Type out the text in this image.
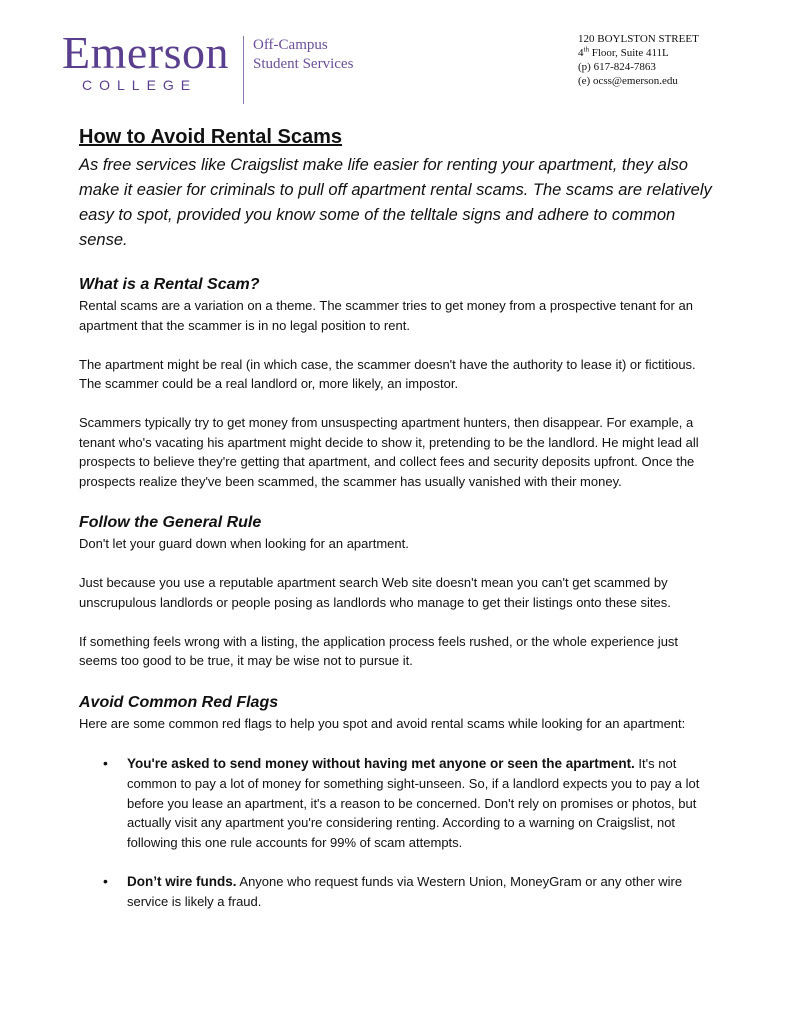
Emerson
COLLEGE
Off-Campus
Student Services
120 BOYLSTON STREET
4th Floor, Suite 411L
(p) 617-824-7863
(e) ocss@emerson.edu
How to Avoid Rental Scams

As free services like Craigslist make life easier for renting your apartment, they also make it easier for criminals to pull off apartment rental scams. The scams are relatively easy to spot, provided you know some of the telltale signs and adhere to common sense.

What is a Rental Scam?

Rental scams are a variation on a theme. The scammer tries to get money from a prospective tenant for an apartment that the scammer is in no legal position to rent.

The apartment might be real (in which case, the scammer doesn't have the authority to lease it) or fictitious. The scammer could be a real landlord or, more likely, an impostor.

Scammers typically try to get money from unsuspecting apartment hunters, then disappear. For example, a tenant who's vacating his apartment might decide to show it, pretending to be the landlord. He might lead all prospects to believe they're getting that apartment, and collect fees and security deposits upfront. Once the prospects realize they've been scammed, the scammer has usually vanished with their money.

Follow the General Rule

Don't let your guard down when looking for an apartment.

Just because you use a reputable apartment search Web site doesn't mean you can't get scammed by unscrupulous landlords or people posing as landlords who manage to get their listings onto these sites.

If something feels wrong with a listing, the application process feels rushed, or the whole experience just seems too good to be true, it may be wise not to pursue it.

Avoid Common Red Flags

Here are some common red flags to help you spot and avoid rental scams while looking for an apartment:

• You're asked to send money without having met anyone or seen the apartment. It's not common to pay a lot of money for something sight-unseen. So, if a landlord expects you to pay a lot before you lease an apartment, it's a reason to be concerned. Don't rely on promises or photos, but actually visit any apartment you're considering renting. According to a warning on Craigslist, not following this one rule accounts for 99% of scam attempts.
• Don’t wire funds. Anyone who request funds via Western Union, MoneyGram or any other wire service is likely a fraud.
